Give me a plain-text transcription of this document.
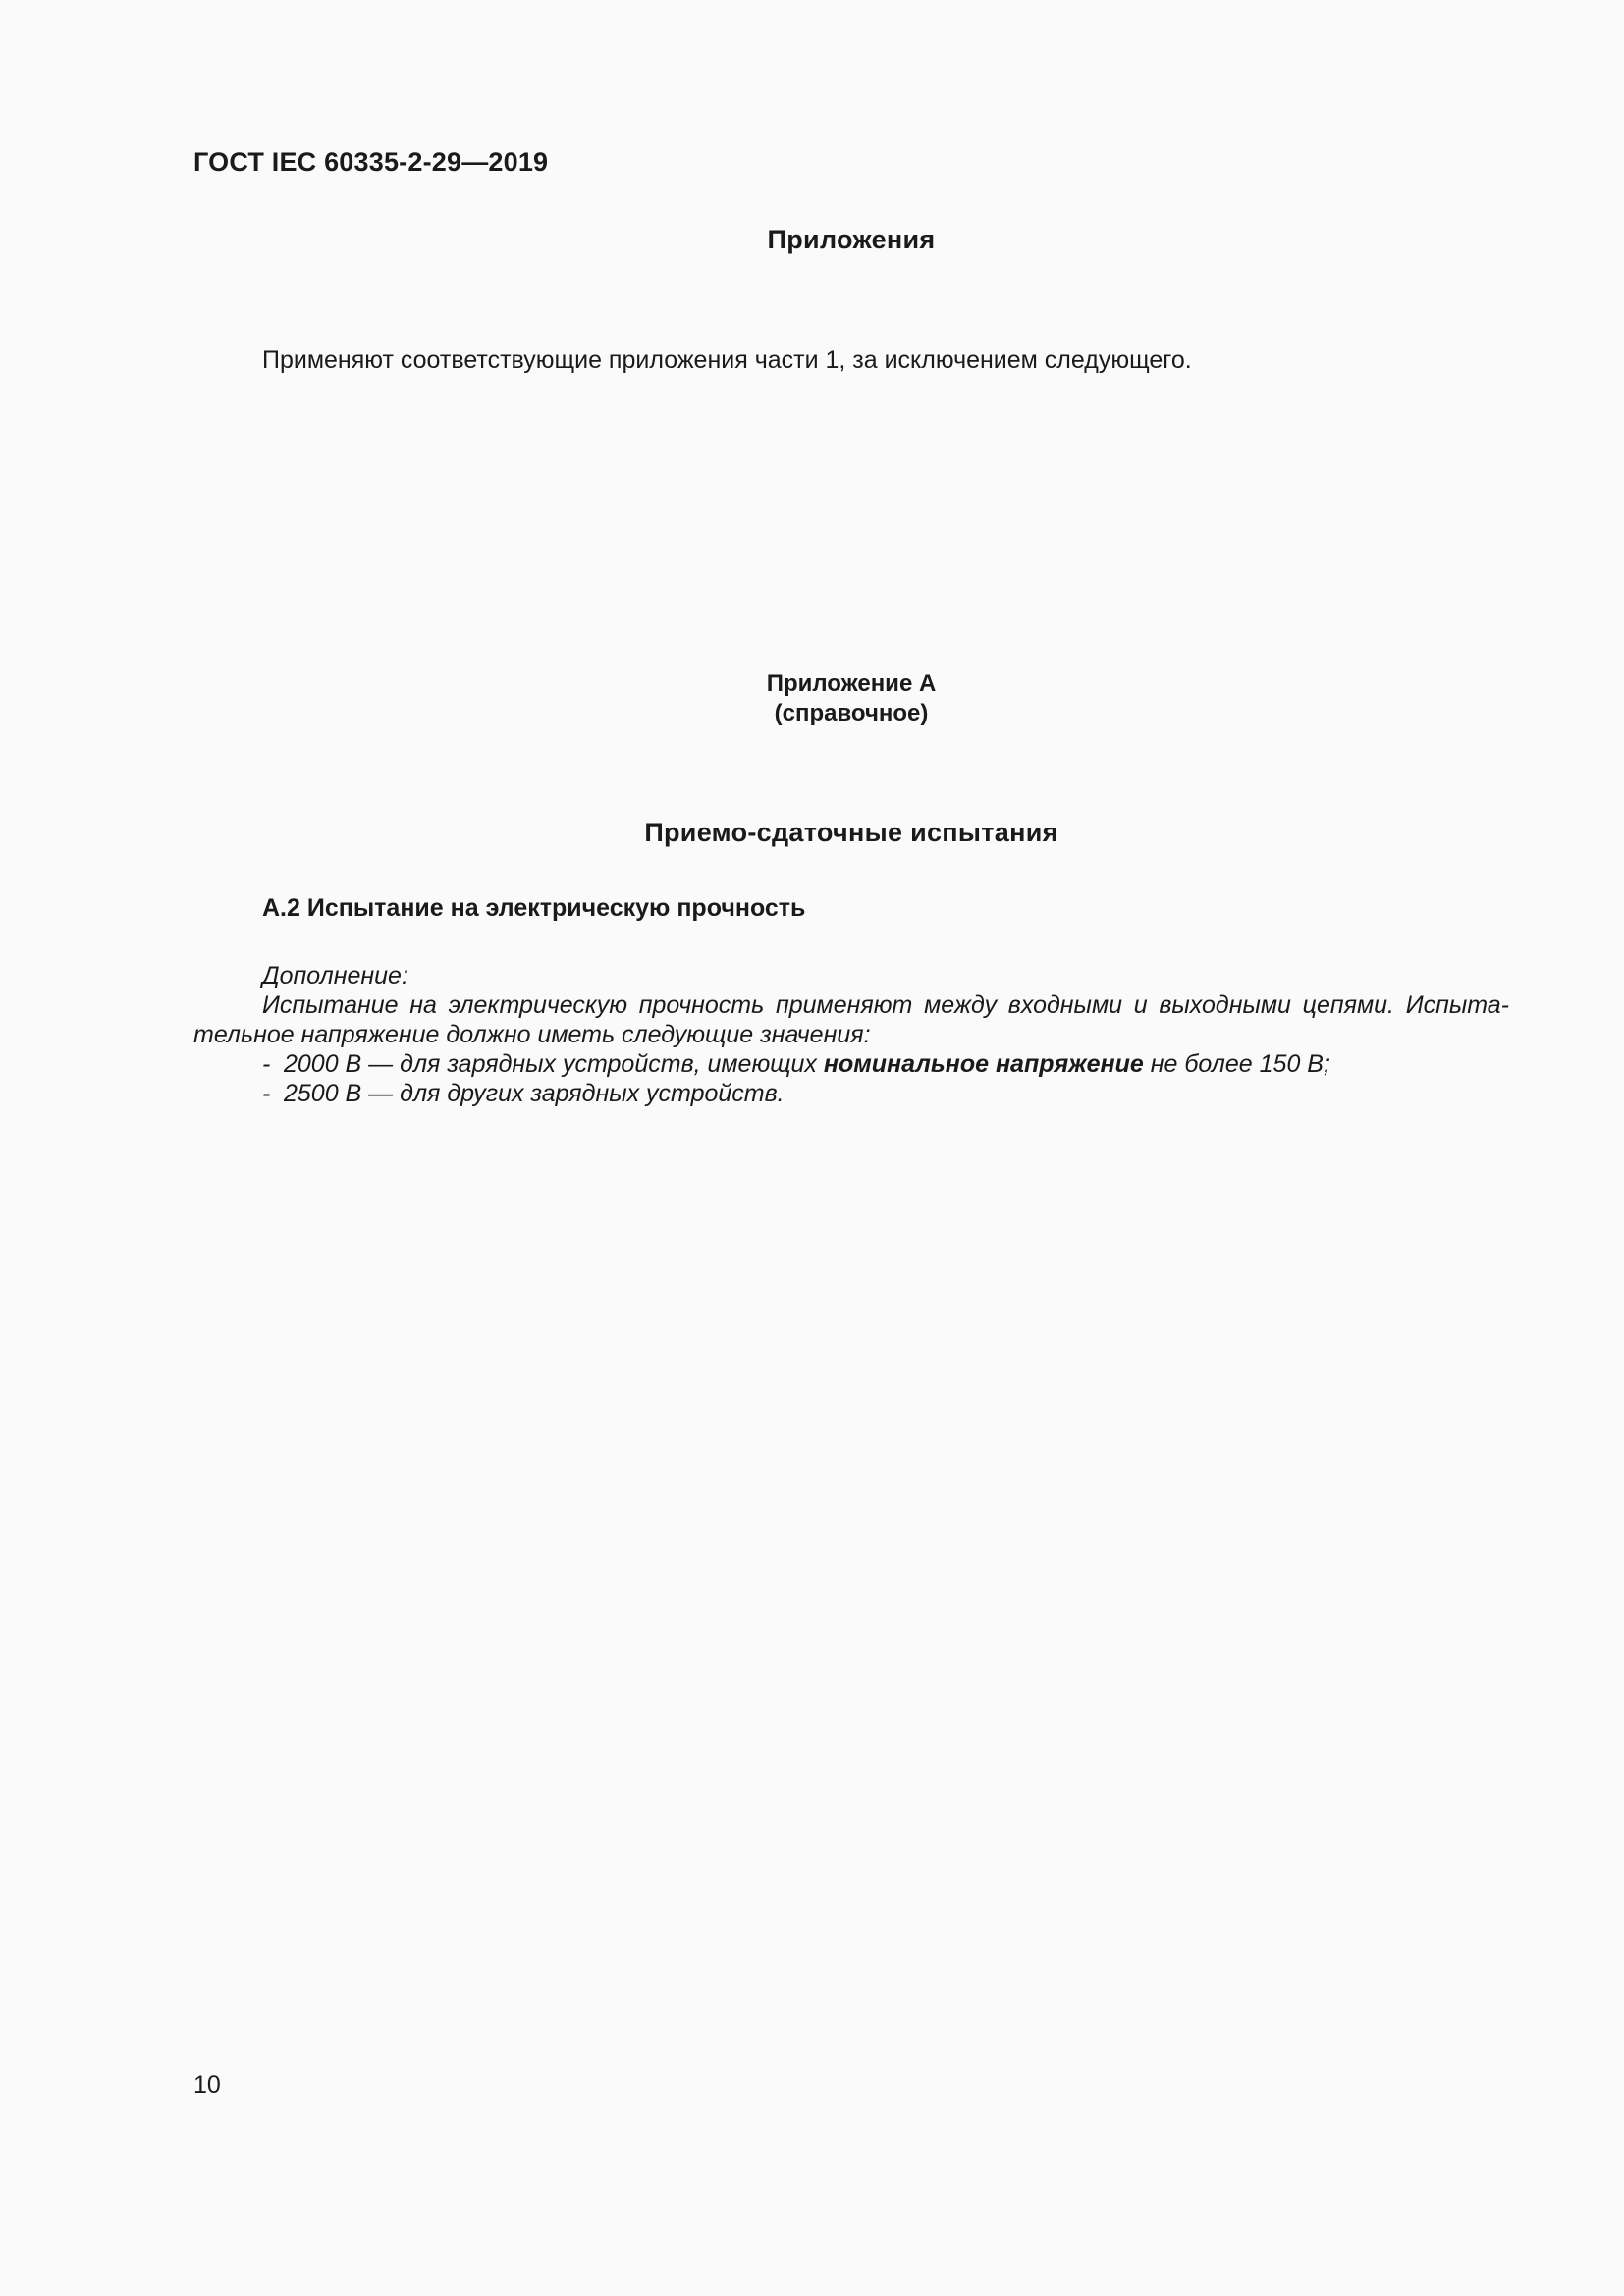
ГОСТ IEC 60335-2-29—2019
Приложения
Применяют соответствующие приложения части 1, за исключением следующего.
Приложение А
(справочное)
Приемо-сдаточные испытания
А.2 Испытание на электрическую прочность

Дополнение:

Испытание на электрическую прочность применяют между входными и выходными цепями. Испыта-тельное напряжение должно иметь следующие значения:

- 2000 В — для зарядных устройств, имеющих номинальное напряжение не более 150 В;

- 2500 В — для других зарядных устройств.

10
